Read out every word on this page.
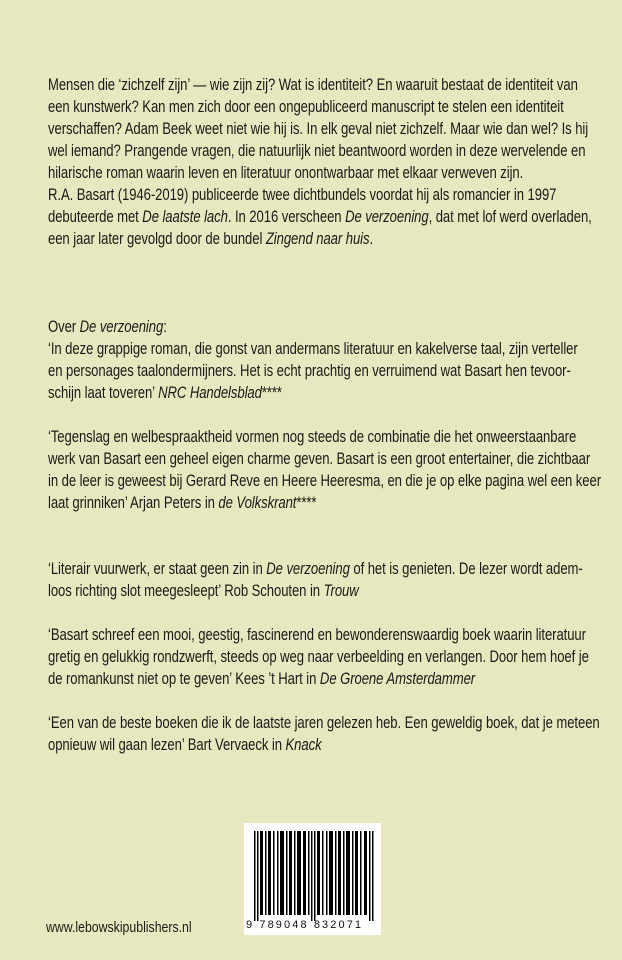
Mensen die ‘zichzelf zijn’ — wie zijn zij? Wat is identiteit? En waaruit bestaat de identiteit van
een kunstwerk? Kan men zich door een ongepubliceerd manuscript te stelen een identiteit
verschaffen? Adam Beek weet niet wie hij is. In elk geval niet zichzelf. Maar wie dan wel? Is hij
wel iemand? Prangende vragen, die natuurlijk niet beantwoord worden in deze wervelende en
hilarische roman waarin leven en literatuur onontwarbaar met elkaar verweven zijn.
R.A. Basart (1946-2019) publiceerde twee dichtbundels voordat hij als romancier in 1997
debuteerde met De laatste lach. In 2016 verscheen De verzoening, dat met lof werd overladen,
een jaar later gevolgd door de bundel Zingend naar huis.
Over De verzoening:
‘In deze grappige roman, die gonst van andermans literatuur en kakelverse taal, zijn verteller
en personages taalondermijners. Het is echt prachtig en verruimend wat Basart hen tevoor-
schijn laat toveren’ NRC Handelsblad****
‘Tegenslag en welbespraaktheid vormen nog steeds de combinatie die het onweerstaanbare
werk van Basart een geheel eigen charme geven. Basart is een groot entertainer, die zichtbaar
in de leer is geweest bij Gerard Reve en Heere Heeresma, en die je op elke pagina wel een keer
laat grinniken’ Arjan Peters in de Volkskrant****
‘Literair vuurwerk, er staat geen zin in De verzoening of het is genieten. De lezer wordt adem-
loos richting slot meegesleept’ Rob Schouten in Trouw
‘Basart schreef een mooi, geestig, fascinerend en bewonderenswaardig boek waarin literatuur
gretig en gelukkig rondzwerft, steeds op weg naar verbeelding en verlangen. Door hem hoef je
de romankunst niet op te geven’ Kees ’t Hart in De Groene Amsterdammer
‘Een van de beste boeken die ik de laatste jaren gelezen heb. Een geweldig boek, dat je meteen
opnieuw wil gaan lezen’ Bart Vervaeck in Knack
9 789048 832071
www.lebowskipublishers.nl
